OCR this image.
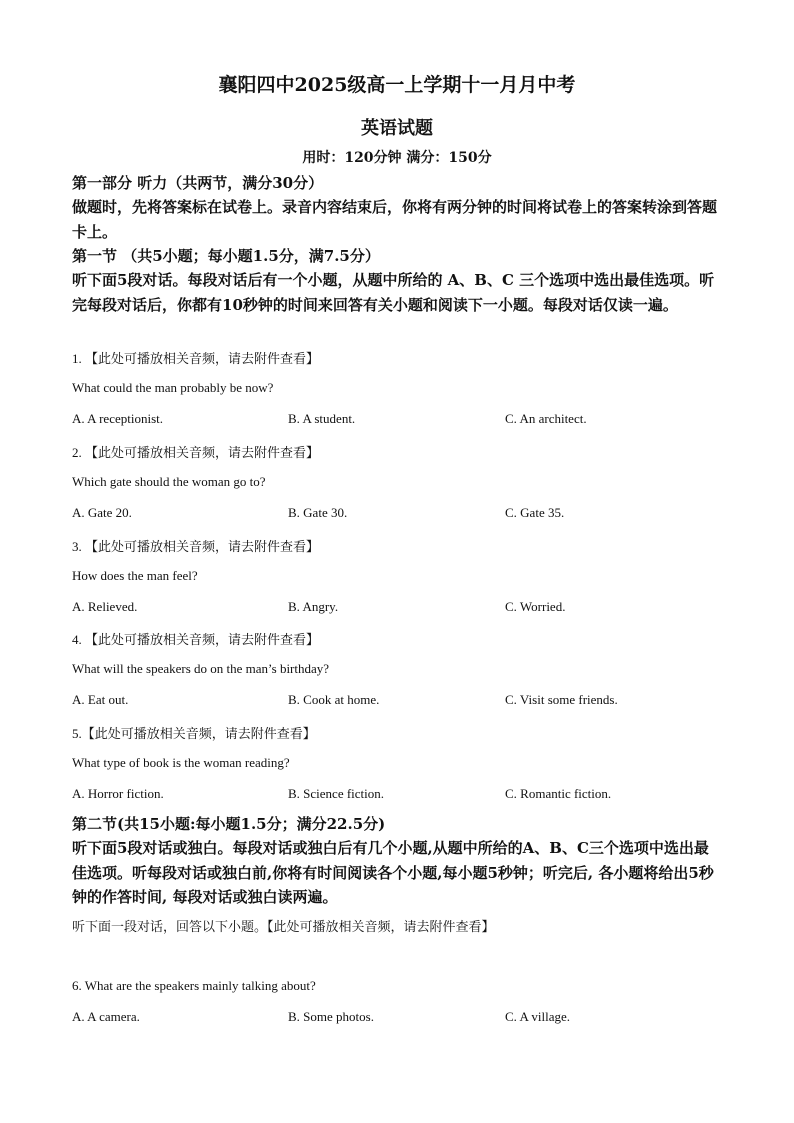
襄阳四中2025级高一上学期十一月月中考
英语试题
用时：120分钟 满分：150分
第一部分 听力（共两节，满分30分）
做题时，先将答案标在试卷上。录音内容结束后，你将有两分钟的时间将试卷上的答案转涂到答题卡上。
第一节 （共5小题；每小题1.5分，满7.5分）
听下面5段对话。每段对话后有一个小题，从题中所给的 A、B、C 三个选项中选出最佳选项。听完每段对话后，你都有10秒钟的时间来回答有关小题和阅读下一小题。每段对话仅读一遍。
1. 【此处可播放相关音频，请去附件查看】
What could the man probably be now?
A. A receptionist.	B. A student.	C. An architect.
2. 【此处可播放相关音频，请去附件查看】
Which gate should the woman go to?
A. Gate 20.	B. Gate 30.	C. Gate 35.
3. 【此处可播放相关音频，请去附件查看】
How does the man feel?
A. Relieved.	B. Angry.	C. Worried.
4. 【此处可播放相关音频，请去附件查看】
What will the speakers do on the man’s birthday?
A. Eat out.	B. Cook at home.	C. Visit some friends.
5.【此处可播放相关音频，请去附件查看】
What type of book is the woman reading?
A. Horror fiction.	B. Science fiction.	C. Romantic fiction.
第二节(共15小题:每小题1.5分；满分22.5分)
听下面5段对话或独白。每段对话或独白后有几个小题,从题中所给的A、B、C三个选项中选出最佳选项。听每段对话或独白前,你将有时间阅读各个小题,每小题5秒钟；听完后, 各小题将给出5秒钟的作答时间, 每段对话或独白读两遍。
听下面一段对话，回答以下小题。【此处可播放相关音频，请去附件查看】
6. What are the speakers mainly talking about?
A. A camera.	B. Some photos.	C. A village.
